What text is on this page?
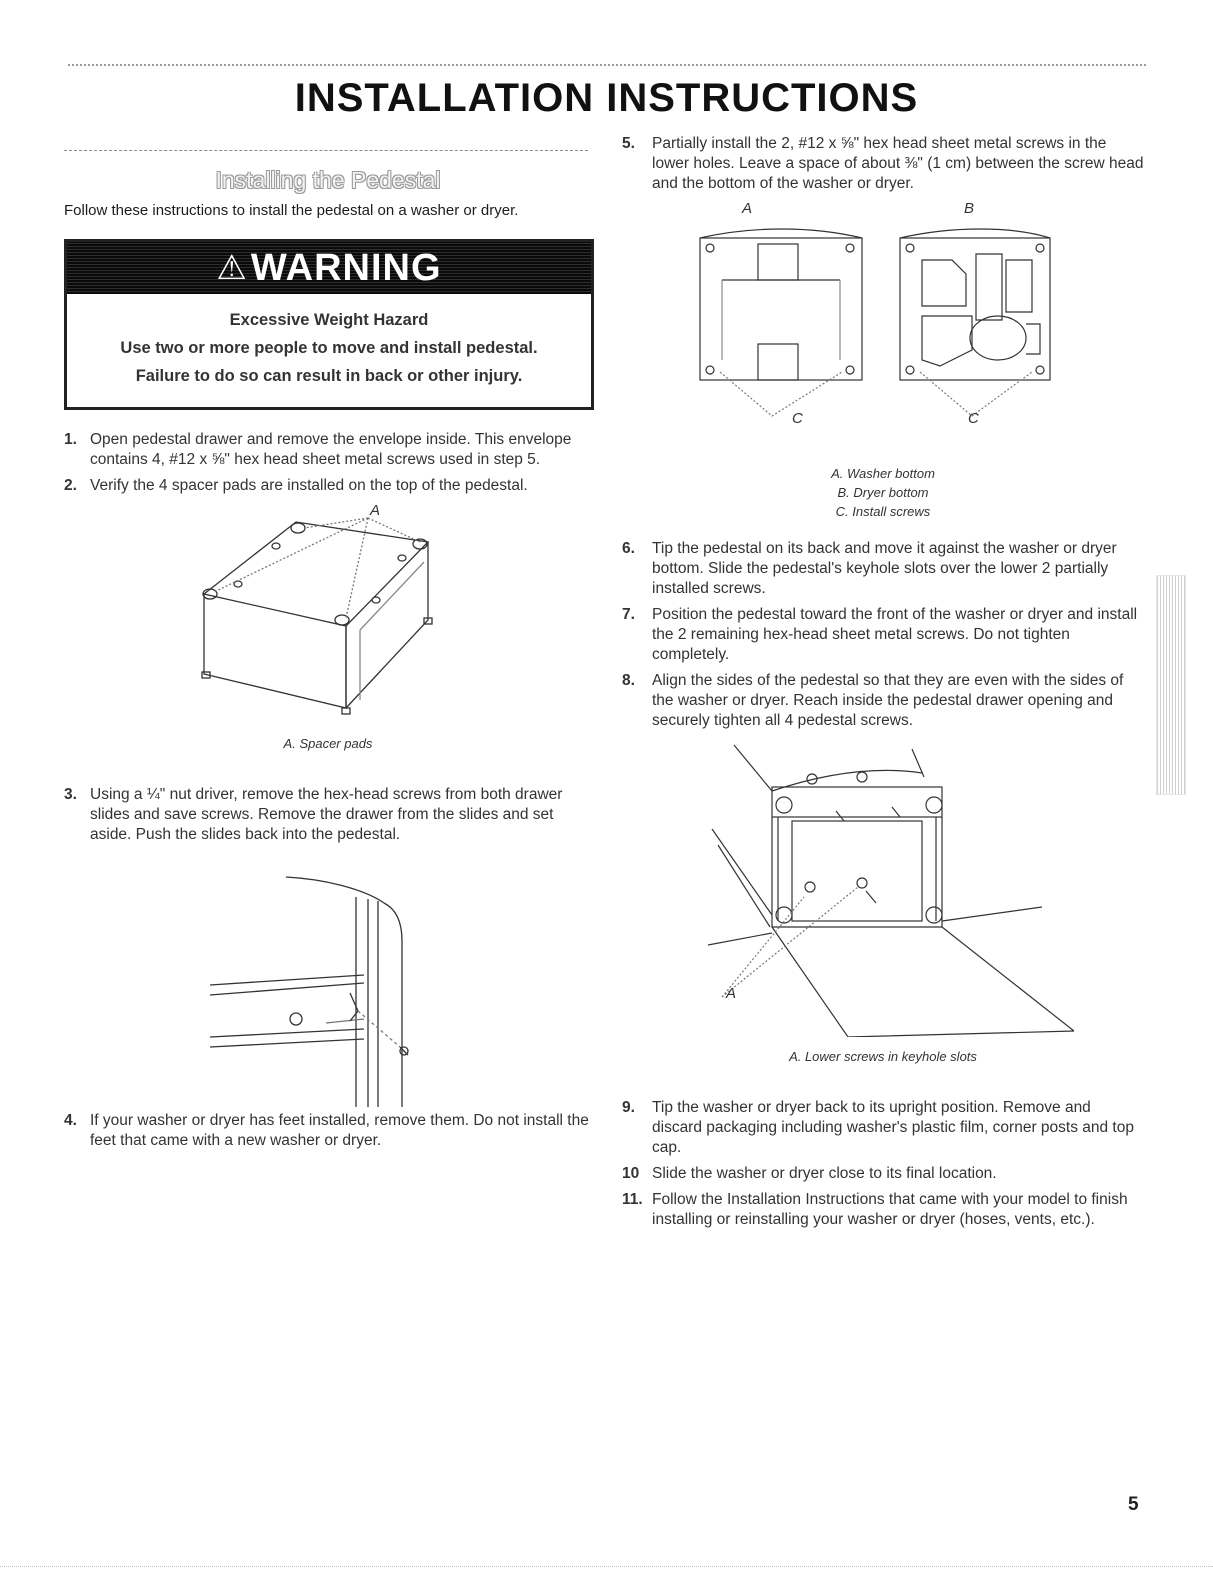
INSTALLATION INSTRUCTIONS
Installing the Pedestal

Follow these instructions to install the pedestal on a washer or dryer.

⚠ WARNING

Excessive Weight Hazard

Use two or more people to move and install pedestal.

Failure to do so can result in back or other injury.

1. Open pedestal drawer and remove the envelope inside. This envelope contains 4, #12 x ⅝" hex head sheet metal screws used in step 5.
2. Verify the 4 spacer pads are installed on the top of the pedestal.
A

A. Spacer pads

3. Using a ¼" nut driver, remove the hex-head screws from both drawer slides and save screws. Remove the drawer from the slides and set aside. Push the slides back into the pedestal.
4. If your washer or dryer has feet installed, remove them. Do not install the feet that came with a new washer or dryer.
5.	Partially install the 2, #12 x ⅝" hex head sheet metal screws in the lower holes. Leave a space of about ⅜" (1 cm) between the screw head and the bottom of the washer or dryer.
A	B
C	C
A. Washer bottom
B. Dryer bottom
C. Install screws
6.	Tip the pedestal on its back and move it against the washer or dryer bottom. Slide the pedestal's keyhole slots over the lower 2 partially installed screws.
7.	Position the pedestal toward the front of the washer or dryer and install the 2 remaining hex-head sheet metal screws. Do not tighten completely.
8.	Align the sides of the pedestal so that they are even with the sides of the washer or dryer. Reach inside the pedestal drawer opening and securely tighten all 4 pedestal screws.
A

A. Lower screws in keyhole slots

9.	Tip the washer or dryer back to its upright position. Remove and discard packaging including washer's plastic film, corner posts and top cap.
10 Slide the washer or dryer close to its final location.
11. Follow the Installation Instructions that came with your model to finish installing or reinstalling your washer or dryer (hoses, vents, etc.).

5
